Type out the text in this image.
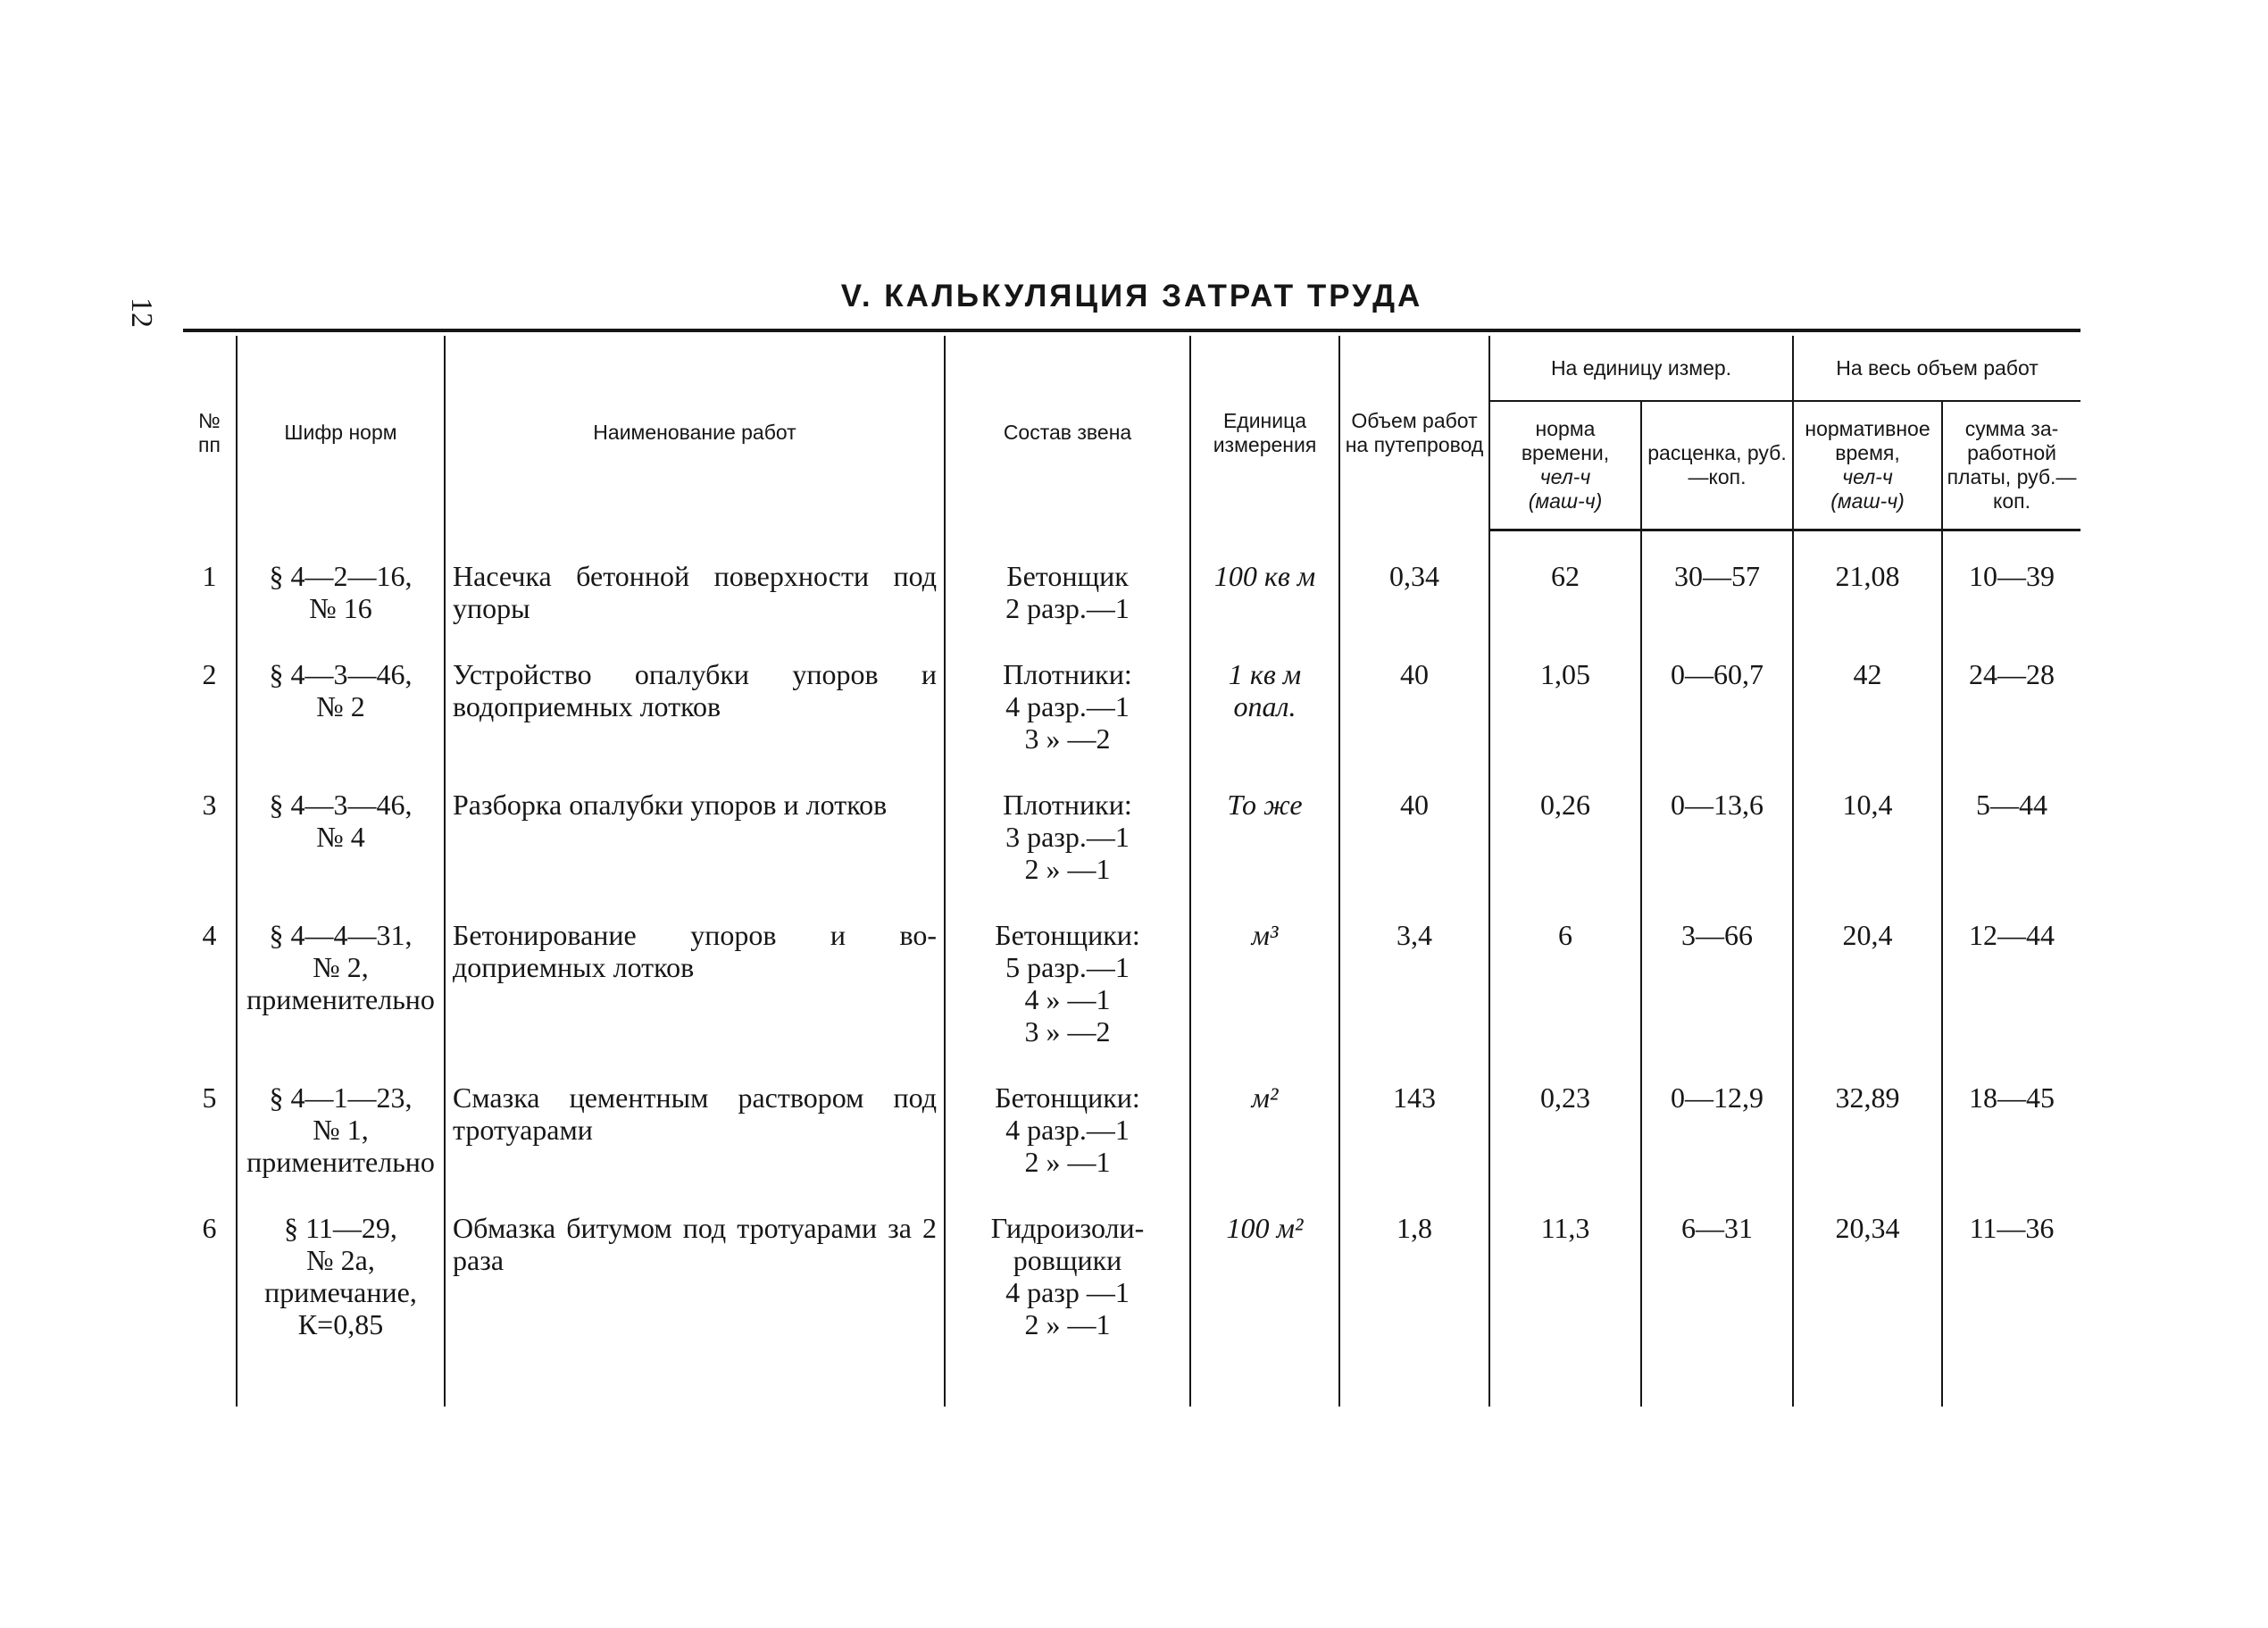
12	V. КАЛЬКУЛЯЦИЯ ЗАТРАТ ТРУДА
№ пп	Шифр норм	Наименование работ	Состав звена	Единица измерения	Объем работ на путепровод	На единицу измер.		На весь объем работ	
						норма времени,
чел-ч
(маш-ч)	расценка, руб.—коп.	нормативное время,
чел-ч
(маш-ч)	сумма заработной платы, руб.—коп.

1	§ 4—2—16,
№ 16	Насечка бетонной поверхности под упоры	Бетонщик
2 разр.—1	100 кв м	0,34	62	30—57	21,08	10—39
2	§ 4—3—46,
№ 2	Устройство опалубки упоров и водоприемных лотков	Плотники:
4 разр.—1
3 » —2	1 кв м
опал.	40	1,05	0—60,7	42	24—28
3	§ 4—3—46,
№ 4	Разборка опалубки упоров и лотков	Плотники:
3 разр.—1
2 » —1	То же	40	0,26	0—13,6	10,4	5—44
4	§ 4—4—31,
№ 2,
применительно	Бетонирование упоров и водоприемных лотков	Бетонщики:
5 разр.—1
4 » —1
3 » —2	м³	3,4	6	3—66	20,4	12—44
5	§ 4—1—23,
№ 1,
применительно	Смазка цементным раствором под тротуарами	Бетонщики:
4 разр.—1
2 » —1	м²	143	0,23	0—12,9	32,89	18—45
6	§ 11—29,
№ 2а,
примечание,
К=0,85	Обмазка битумом под тротуарами за 2 раза	Гидроизолировщики
4 разр —1
2 » —1	100 м²	1,8	11,3	6—31	20,34	11—36
